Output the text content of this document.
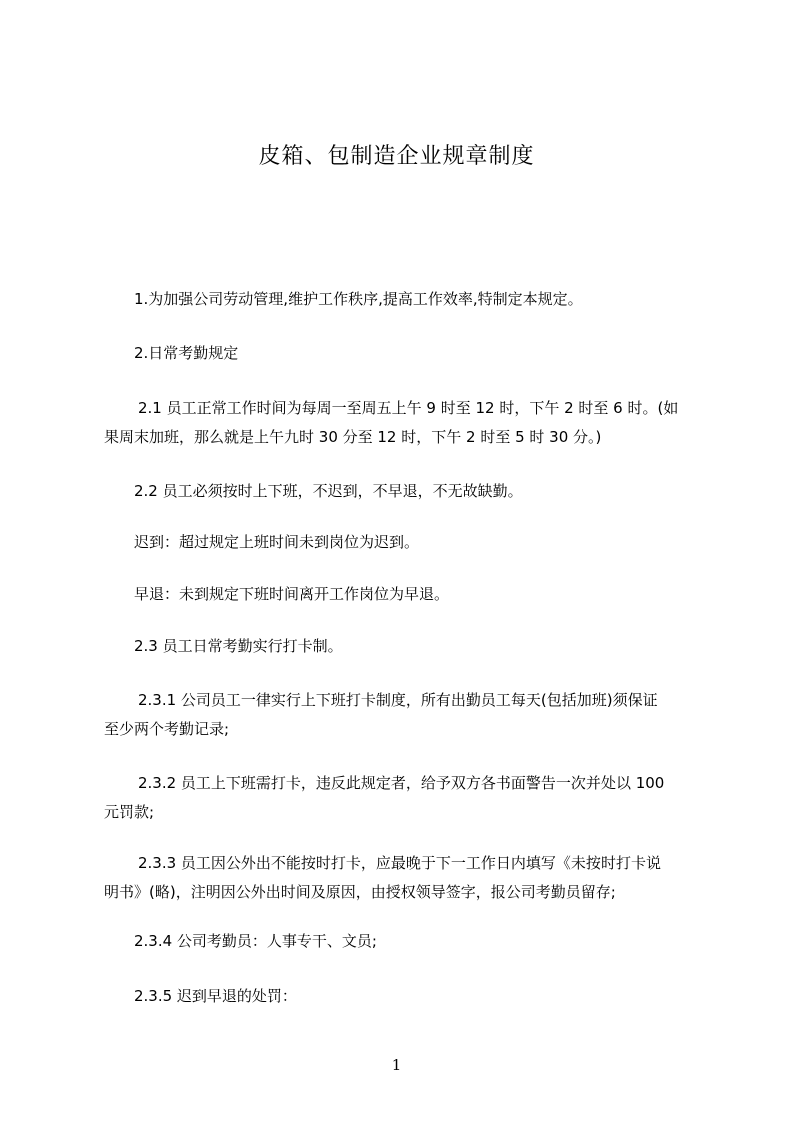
皮箱、包制造企业规章制度

1.为加强公司劳动管理,维护工作秩序,提高工作效率,特制定本规定。

2.日常考勤规定

2.1 员工正常工作时间为每周一至周五上午 9 时至 12 时，下午 2 时至 6 时。(如
果周末加班，那么就是上午九时 30 分至 12 时，下午 2 时至 5 时 30 分。)

2.2 员工必须按时上下班，不迟到，不早退，不无故缺勤。

迟到：超过规定上班时间未到岗位为迟到。

早退：未到规定下班时间离开工作岗位为早退。

2.3 员工日常考勤实行打卡制。

2.3.1 公司员工一律实行上下班打卡制度，所有出勤员工每天(包括加班)须保证
至少两个考勤记录;

2.3.2 员工上下班需打卡，违反此规定者，给予双方各书面警告一次并处以 100
元罚款;

2.3.3 员工因公外出不能按时打卡，应最晚于下一工作日内填写《未按时打卡说
明书》(略)，注明因公外出时间及原因，由授权领导签字，报公司考勤员留存;

2.3.4 公司考勤员：人事专干、文员;

2.3.5 迟到早退的处罚：

1
